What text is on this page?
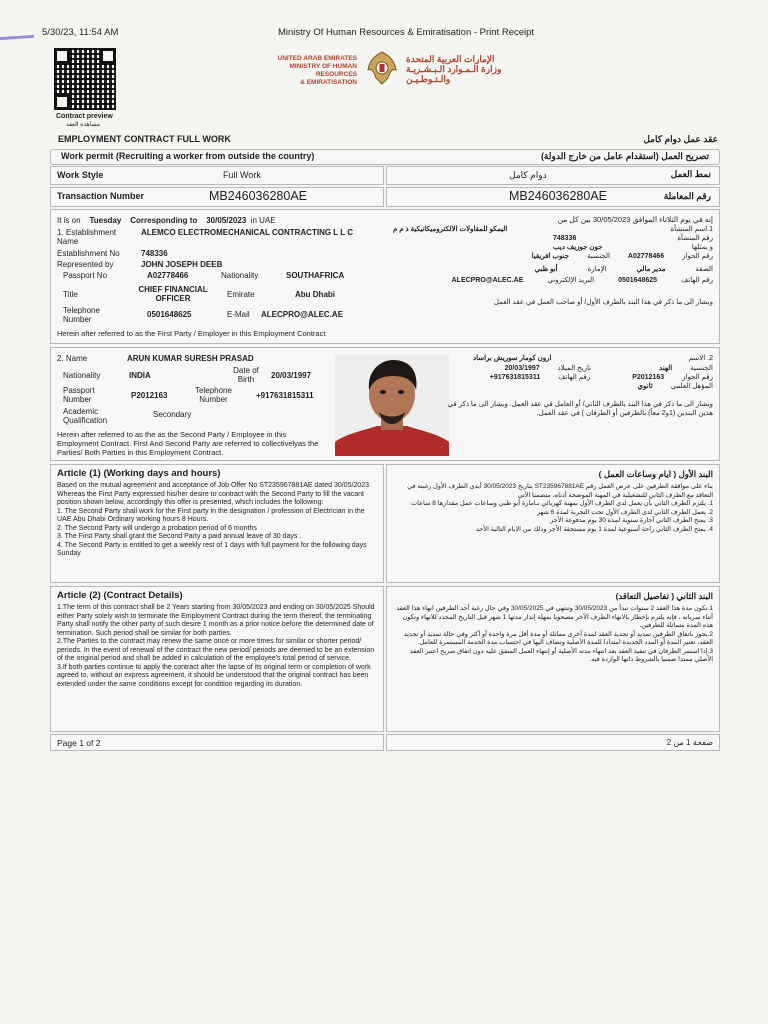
5/30/23, 11:54 AM	Ministry Of Human Resources & Emiratisation - Print Receipt
Contract preview
مشاهدة العقد
UNITED ARAB EMIRATES
MINISTRY OF HUMAN RESOURCES
& EMIRATISATION
الإمارات العربية المتحدة
وزارة الـمـوارد الـبـشـريـة
والـتـوطـيـن
EMPLOYMENT CONTRACT FULL WORK	عقد عمل دوام كامل
Work permit (Recruiting a worker from outside the country)	تصريح العمل (استقدام عامل من خارج الدولة)
Work Style	Full Work	دوام كامل	نمط العمل
Transaction Number	MB246036280AE	MB246036280AE	رقم المعاملة
It is on Tuesday Corresponding to 30/05/2023 in UAE
1. Establishment Name
ALEMCO ELECTROMECHANICAL CONTRACTING L L C
Establishment No	748336
Represented by	JOHN JOSEPH DEEB
Passport No	A02778466	Nationality	SOUTHAFRICA
Title
CHIEF FINANCIAL OFFICER	Emirate	Abu Dhabi
Telephone Number
0501648625	E-Mail ALECPRO@ALEC.AE
Herein after referred to as the First Party / Employer in this Employment Contract
إنه في يوم الثلاثاء الموافق 30/05/2023 بين كل من
1.اسم المنشأة
اليمكو للمقاولات الالكتروميكانيكية ذ م م
رقم المنشأة
748336
و يمثلها
جون جوزيف ديب
رقم الجواز
A02778466
الجنسية
جنوب افريقيا
الصفة
مدير مالي
الإمارة
أبو ظبي
رقم الهاتف
0501648625
البريد الإلكتروني
ALECPRO@ALEC.AE
ويشار الى ما ذكر في هذا البند بالطرف الأول/ أو صاحب العمل في عقد العمل
2. Name	ARUN KUMAR SURESH PRASAD
Nationality	INDIA
Date of Birth	20/03/1997
Passport Number	P2012163
Telephone Number	+917631815311
Academic Qualification
Secondary
Herein after referred to as the as the Second Party / Employee in this Employment Contract. First And Second Party are referred to collectivelyas the Parties/ Both Parties in this Employment Contract.
2. الاسم
ارون كومار سوريش براساد
الجنسية
الهند
تاريخ الميلاد
20/03/1997
رقم الجواز
P2012163
رقم الهاتف
917631815311+
المؤهل العلمي
ثانوي
ويشار الى ما ذكر في هذا البند بالطرف الثاني/ أو العامل في عقد العمل. ويشار الى ما ذكر في هذين البندين (1و2 معاً) بالطرفين أو الطرفان ) في عقد العمل.
Article (1) (Working days and hours)
Based on the mutual agreement and acceptance of Job Offer No ST235967881AE dated 30/05/2023 Whereas the First Party expressed his/her desire to contract with the Second Party to fill the vacant position shown below, accordingly this offer is presented, which includes the following:
1. The Second Party shall work for the First party in the designation / profession of Electrician in the UAE Abu Dhabi Ordinary working hours 8 Hours.
2. The Second Party will undergo a probation period of 6 months
3. The First Party shall grant the Second Party a paid annual leave of 30 days .
4. The Second Party is entitled to get a weekly rest of 1 days with full payment for the following days Sunday
البند الأول ( ايام وساعات العمل )
بناء على موافقة الطرفين على عرض العمل رقم ST235967881AE بتاريخ 30/05/2023 أبدى الطرف الأول رغبته في التعاقد مع الطرف الثاني للتشغيلية في المهنة الموضحة أدناه، متضمنا الآتي
1. يلتزم الطرف الثاني بأن يعمل لدى الطرف الأول بمهنة كهربائي بـامارة أبو ظبي وساعات عمل مقدارها 8 ساعات
2. يعمل الطرف الثاني لدى الطرف الأول تحت التجربة لمدة 6 شهر
3. يمنح الطرف الثاني أجازة سنوية لمدة 30 يوم مدفوعة الأجر.
4. يمنح الطرف الثاني راحة أسبوعية لمدة 1 يوم مستحقة الأجر وذلك من الايام التالية الأحد
Article (2) (Contract Details)
1.The term of this contract shall be 2 Years starting from 30/05/2023 and ending on 30/05/2025 Should either Party solely wish to terminate the Employment Contract during the term thereof, the terminating Party shall notify the other party of such desire 1 month as a prior notice before the determined date of termination. Such period shall be similar for both parties.
2.The Parties to the contract may renew the same once or more times for similar or shorter period/ periods. In the event of renewal of the contract the new period/ periods are deemed to be an extension of the original period and shall be added in calculation of the employee's total period of service.
3.If both parties continue to apply the contract after the lapse of its original term or completion of work agreed to, without an express agreement, it should be understood that the original contract has been extended under the same conditions except for condition regarding its duration.
البند الثاني ( تفاصيل التعاقد)
1.تكون مدة هذا العقد 2 سنوات تبدأ من 30/05/2023 وتنتهي في 30/05/2025 وفي حال رغبة أحد الطرفين انهاء هذا العقد أثناء سريانه ، فإنه يلتزم بإخطار بالانهاء الطرف الآخر مصحوبا بمهلة إنذار مدتها 1 شهر قبل التاريخ المحدد للانهاء وتكون هذه المدة متماثلة للطرفين.
2.يجوز باتفاق الطرفين تمديد أو تجديد العقد لمدة أخرى مماثلة أو مدة أقل مرة واحدة أو أكثر وفي حالة تمديد أو تجديد العقد، تعتبر المدة أو المدد الجديدة امتدادا للمدة الأصلية وتضاف اليها في احتساب مدة الخدمة المستمرة للعامل.
3.إذا استمر الطرفان في تنفيذ العقد بعد انتهاء مدته الأصلية أو إنتهاء العمل المتفق عليه دون اتفاق صريح اعتبر العقد الأصلي ممتدا ضمنيا بالشروط ذاتها الواردة فيه.
Page 1 of 2	صفحة 1 من 2
